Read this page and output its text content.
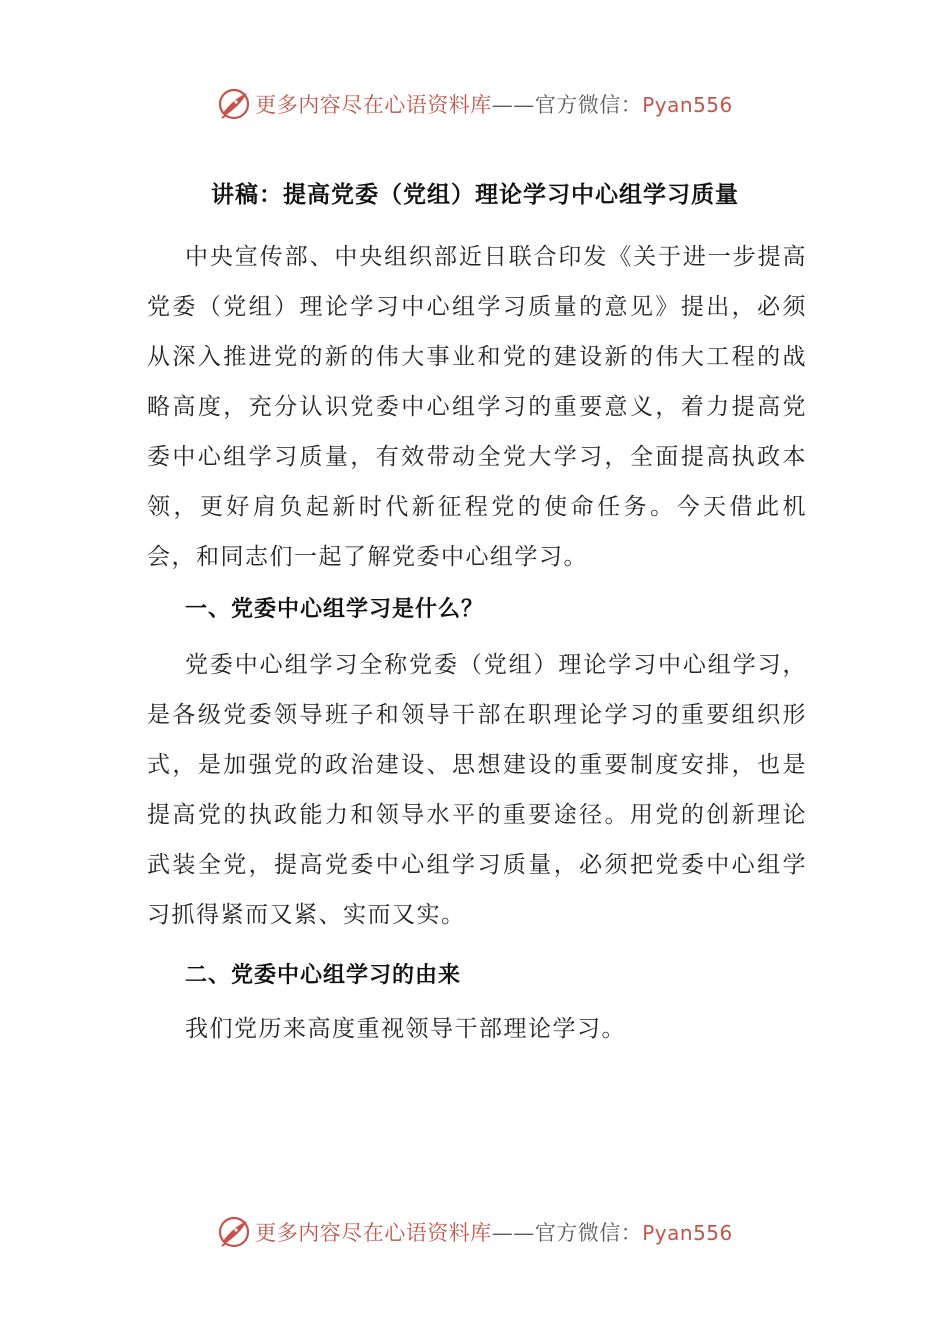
更多内容尽在心语资料库——官方微信：Pyan556
讲稿：提高党委（党组）理论学习中心组学习质量

中央宣传部、中央组织部近日联合印发《关于进一步提高党委（党组）理论学习中心组学习质量的意见》提出，必须从深入推进党的新的伟大事业和党的建设新的伟大工程的战略高度，充分认识党委中心组学习的重要意义，着力提高党委中心组学习质量，有效带动全党大学习，全面提高执政本领，更好肩负起新时代新征程党的使命任务。今天借此机会，和同志们一起了解党委中心组学习。

一、党委中心组学习是什么？

党委中心组学习全称党委（党组）理论学习中心组学习，是各级党委领导班子和领导干部在职理论学习的重要组织形式，是加强党的政治建设、思想建设的重要制度安排，也是提高党的执政能力和领导水平的重要途径。用党的创新理论武装全党，提高党委中心组学习质量，必须把党委中心组学习抓得紧而又紧、实而又实。

二、党委中心组学习的由来

我们党历来高度重视领导干部理论学习。

更多内容尽在心语资料库——官方微信：Pyan556
